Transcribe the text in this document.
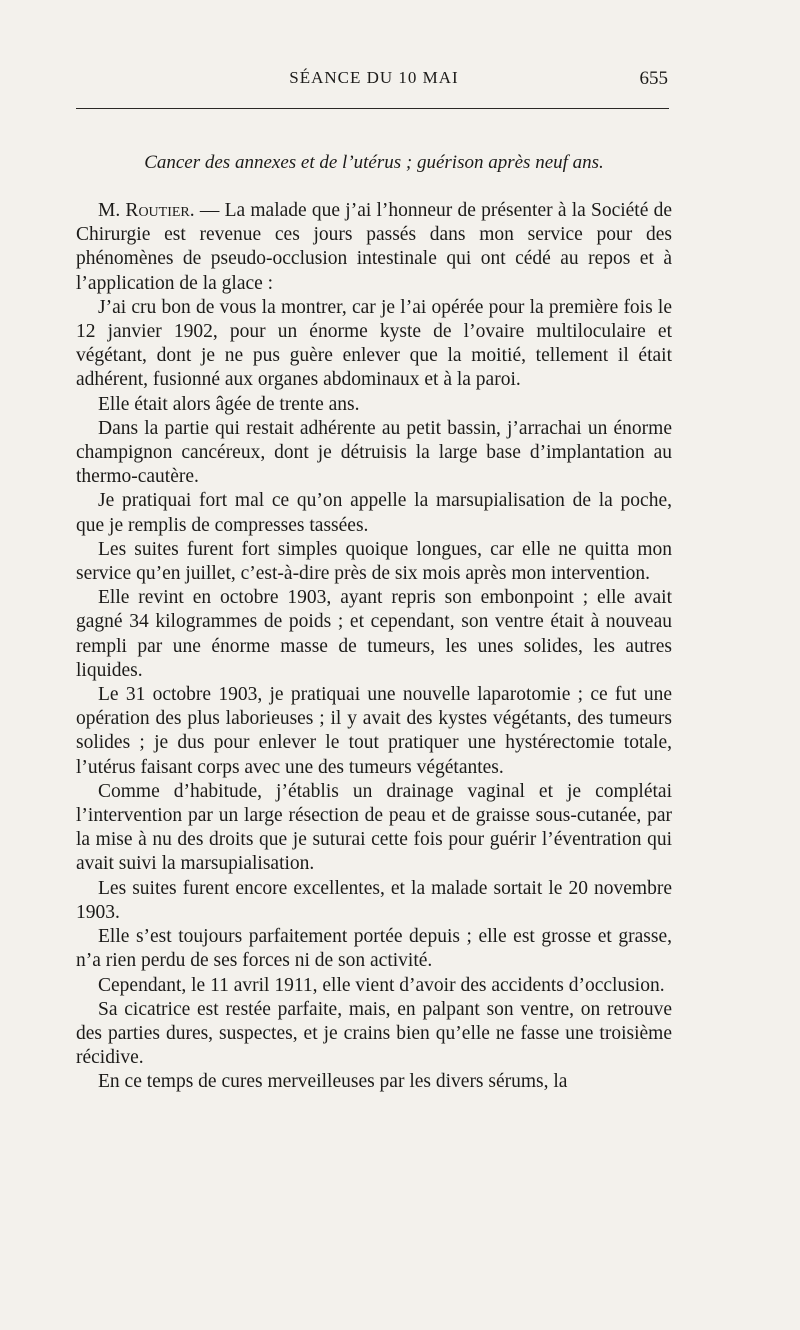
SÉANCE DU 10 MAI	655
Cancer des annexes et de l’utérus ; guérison après neuf ans.

M. Routier. — La malade que j’ai l’honneur de présenter à la Société de Chirurgie est revenue ces jours passés dans mon service pour des phénomènes de pseudo-occlusion intestinale qui ont cédé au repos et à l’application de la glace :

J’ai cru bon de vous la montrer, car je l’ai opérée pour la première fois le 12 janvier 1902, pour un énorme kyste de l’ovaire multiloculaire et végétant, dont je ne pus guère enlever que la moitié, tellement il était adhérent, fusionné aux organes abdominaux et à la paroi.

Elle était alors âgée de trente ans.

Dans la partie qui restait adhérente au petit bassin, j’arrachai un énorme champignon cancéreux, dont je détruisis la large base d’implantation au thermo-cautère.

Je pratiquai fort mal ce qu’on appelle la marsupialisation de la poche, que je remplis de compresses tassées.

Les suites furent fort simples quoique longues, car elle ne quitta mon service qu’en juillet, c’est-à-dire près de six mois après mon intervention.

Elle revint en octobre 1903, ayant repris son embonpoint ; elle avait gagné 34 kilogrammes de poids ; et cependant, son ventre était à nouveau rempli par une énorme masse de tumeurs, les unes solides, les autres liquides.

Le 31 octobre 1903, je pratiquai une nouvelle laparotomie ; ce fut une opération des plus laborieuses ; il y avait des kystes végétants, des tumeurs solides ; je dus pour enlever le tout pratiquer une hystérectomie totale, l’utérus faisant corps avec une des tumeurs végétantes.

Comme d’habitude, j’établis un drainage vaginal et je complétai l’intervention par un large résection de peau et de graisse sous-cutanée, par la mise à nu des droits que je suturai cette fois pour guérir l’éventration qui avait suivi la marsupialisation.

Les suites furent encore excellentes, et la malade sortait le 20 novembre 1903.

Elle s’est toujours parfaitement portée depuis ; elle est grosse et grasse, n’a rien perdu de ses forces ni de son activité.

Cependant, le 11 avril 1911, elle vient d’avoir des accidents d’occlusion.

Sa cicatrice est restée parfaite, mais, en palpant son ventre, on retrouve des parties dures, suspectes, et je crains bien qu’elle ne fasse une troisième récidive.

En ce temps de cures merveilleuses par les divers sérums, la
